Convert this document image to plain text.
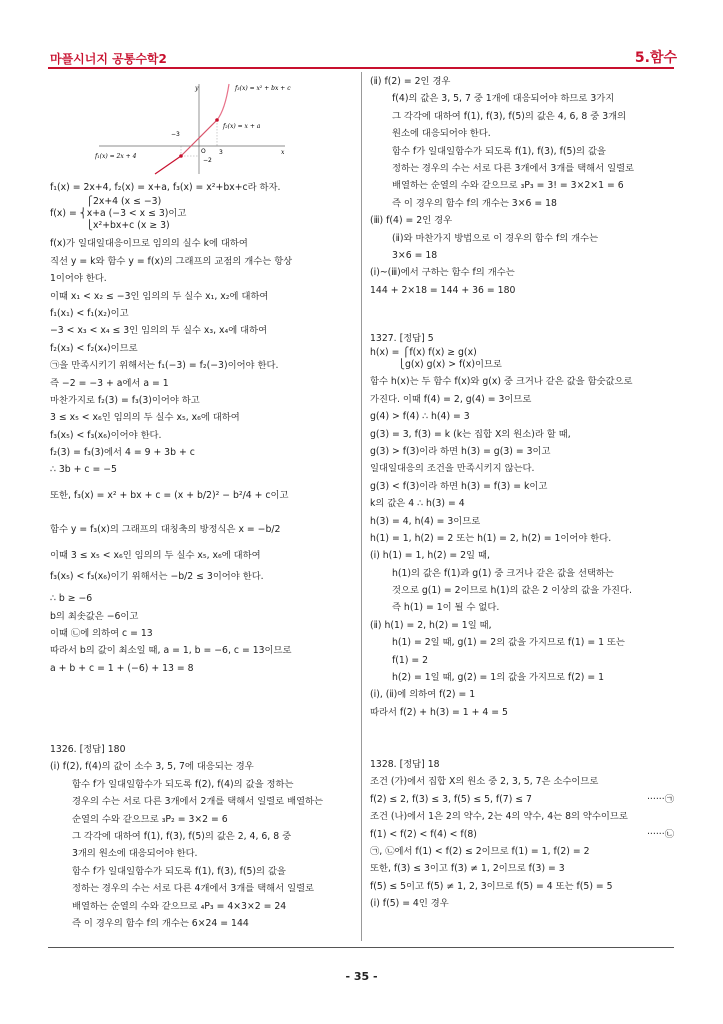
마플시너지 공통수학2	5.함수
y
x
O
−3
3
−2
f₃(x) = x² + bx + c
f₂(x) = x + a
f₁(x) = 2x + 4
f₁(x) = 2x+4, f₂(x) = x+a, f₃(x) = x²+bx+c라 하자.
⎧2x+4 (x ≤ −3)
f(x) = ⎨x+a (−3 < x ≤ 3)이고
⎩x²+bx+c (x ≥ 3)
f(x)가 일대일대응이므로 임의의 실수 k에 대하여
직선 y = k와 함수 y = f(x)의 그래프의 교점의 개수는 항상
1이어야 한다.
이때 x₁ < x₂ ≤ −3인 임의의 두 실수 x₁, x₂에 대하여
f₁(x₁) < f₁(x₂)이고
−3 < x₃ < x₄ ≤ 3인 임의의 두 실수 x₃, x₄에 대하여
f₂(x₃) < f₂(x₄)이므로
㉠을 만족시키기 위해서는 f₁(−3) = f₂(−3)이어야 한다.
즉 −2 = −3 + a에서 a = 1
마찬가지로 f₂(3) = f₃(3)이어야 하고
3 ≤ x₅ < x₆인 임의의 두 실수 x₅, x₆에 대하여
f₃(x₅) < f₃(x₆)이어야 한다.
f₂(3) = f₃(3)에서 4 = 9 + 3b + c
∴ 3b + c = −5
또한, f₃(x) = x² + bx + c = (x + b/2)² − b²/4 + c이고
함수 y = f₃(x)의 그래프의 대칭축의 방정식은 x = −b/2
이때 3 ≤ x₅ < x₆인 임의의 두 실수 x₅, x₆에 대하여
f₃(x₅) < f₃(x₆)이기 위해서는 −b/2 ≤ 3이어야 한다.
∴ b ≥ −6
b의 최솟값은 −6이고
이때 ㉡에 의하여 c = 13
따라서 b의 값이 최소일 때, a = 1, b = −6, c = 13이므로
a + b + c = 1 + (−6) + 13 = 8
1326. [정답] 180
(ⅰ) f(2), f(4)의 값이 소수 3, 5, 7에 대응되는 경우
함수 f가 일대일함수가 되도록 f(2), f(4)의 값을 정하는
경우의 수는 서로 다른 3개에서 2개를 택해서 일렬로 배열하는
순열의 수와 같으므로 ₃P₂ = 3×2 = 6
그 각각에 대하여 f(1), f(3), f(5)의 값은 2, 4, 6, 8 중
3개의 원소에 대응되어야 한다.
함수 f가 일대일함수가 되도록 f(1), f(3), f(5)의 값을
정하는 경우의 수는 서로 다른 4개에서 3개를 택해서 일렬로
배열하는 순열의 수와 같으므로 ₄P₃ = 4×3×2 = 24
즉 이 경우의 함수 f의 개수는 6×24 = 144
(ⅱ) f(2) = 2인 경우
f(4)의 값은 3, 5, 7 중 1개에 대응되어야 하므로 3가지
그 각각에 대하여 f(1), f(3), f(5)의 값은 4, 6, 8 중 3개의
원소에 대응되어야 한다.
함수 f가 일대일함수가 되도록 f(1), f(3), f(5)의 값을
정하는 경우의 수는 서로 다른 3개에서 3개를 택해서 일렬로
배열하는 순열의 수와 같으므로 ₃P₃ = 3! = 3×2×1 = 6
즉 이 경우의 함수 f의 개수는 3×6 = 18
(ⅲ) f(4) = 2인 경우
(ⅱ)와 마찬가지 방법으로 이 경우의 함수 f의 개수는
3×6 = 18
(ⅰ)~(ⅲ)에서 구하는 함수 f의 개수는
144 + 2×18 = 144 + 36 = 180
1327. [정답] 5
h(x) = ⎧f(x) f(x) ≥ g(x)
⎩g(x) g(x) > f(x)이므로
함수 h(x)는 두 함수 f(x)와 g(x) 중 크거나 같은 값을 함숫값으로
가진다. 이때 f(4) = 2, g(4) = 3이므로
g(4) > f(4) ∴ h(4) = 3
g(3) = 3, f(3) = k (k는 집합 X의 원소)라 할 때,
g(3) > f(3)이라 하면 h(3) = g(3) = 3이고
일대일대응의 조건을 만족시키지 않는다.
g(3) < f(3)이라 하면 h(3) = f(3) = k이고
k의 값은 4 ∴ h(3) = 4
h(3) = 4, h(4) = 3이므로
h(1) = 1, h(2) = 2 또는 h(1) = 2, h(2) = 1이어야 한다.
(ⅰ) h(1) = 1, h(2) = 2일 때,
h(1)의 값은 f(1)과 g(1) 중 크거나 같은 값을 선택하는
것으로 g(1) = 2이므로 h(1)의 값은 2 이상의 값을 가진다.
즉 h(1) = 1이 될 수 없다.
(ⅱ) h(1) = 2, h(2) = 1일 때,
h(1) = 2일 때, g(1) = 2의 값을 가지므로 f(1) = 1 또는
f(1) = 2
h(2) = 1일 때, g(2) = 1의 값을 가지므로 f(2) = 1
(ⅰ), (ⅱ)에 의하여 f(2) = 1
따라서 f(2) + h(3) = 1 + 4 = 5
1328. [정답] 18
조건 (가)에서 집합 X의 원소 중 2, 3, 5, 7은 소수이므로
f(2) ≤ 2, f(3) ≤ 3, f(5) ≤ 5, f(7) ≤ 7	······㉠
조건 (나)에서 1은 2의 약수, 2는 4의 약수, 4는 8의 약수이므로
f(1) < f(2) < f(4) < f(8)	······㉡
㉠, ㉡에서 f(1) < f(2) ≤ 2이므로 f(1) = 1, f(2) = 2
또한, f(3) ≤ 3이고 f(3) ≠ 1, 2이므로 f(3) = 3
f(5) ≤ 5이고 f(5) ≠ 1, 2, 3이므로 f(5) = 4 또는 f(5) = 5
(ⅰ) f(5) = 4인 경우
- 35 -
